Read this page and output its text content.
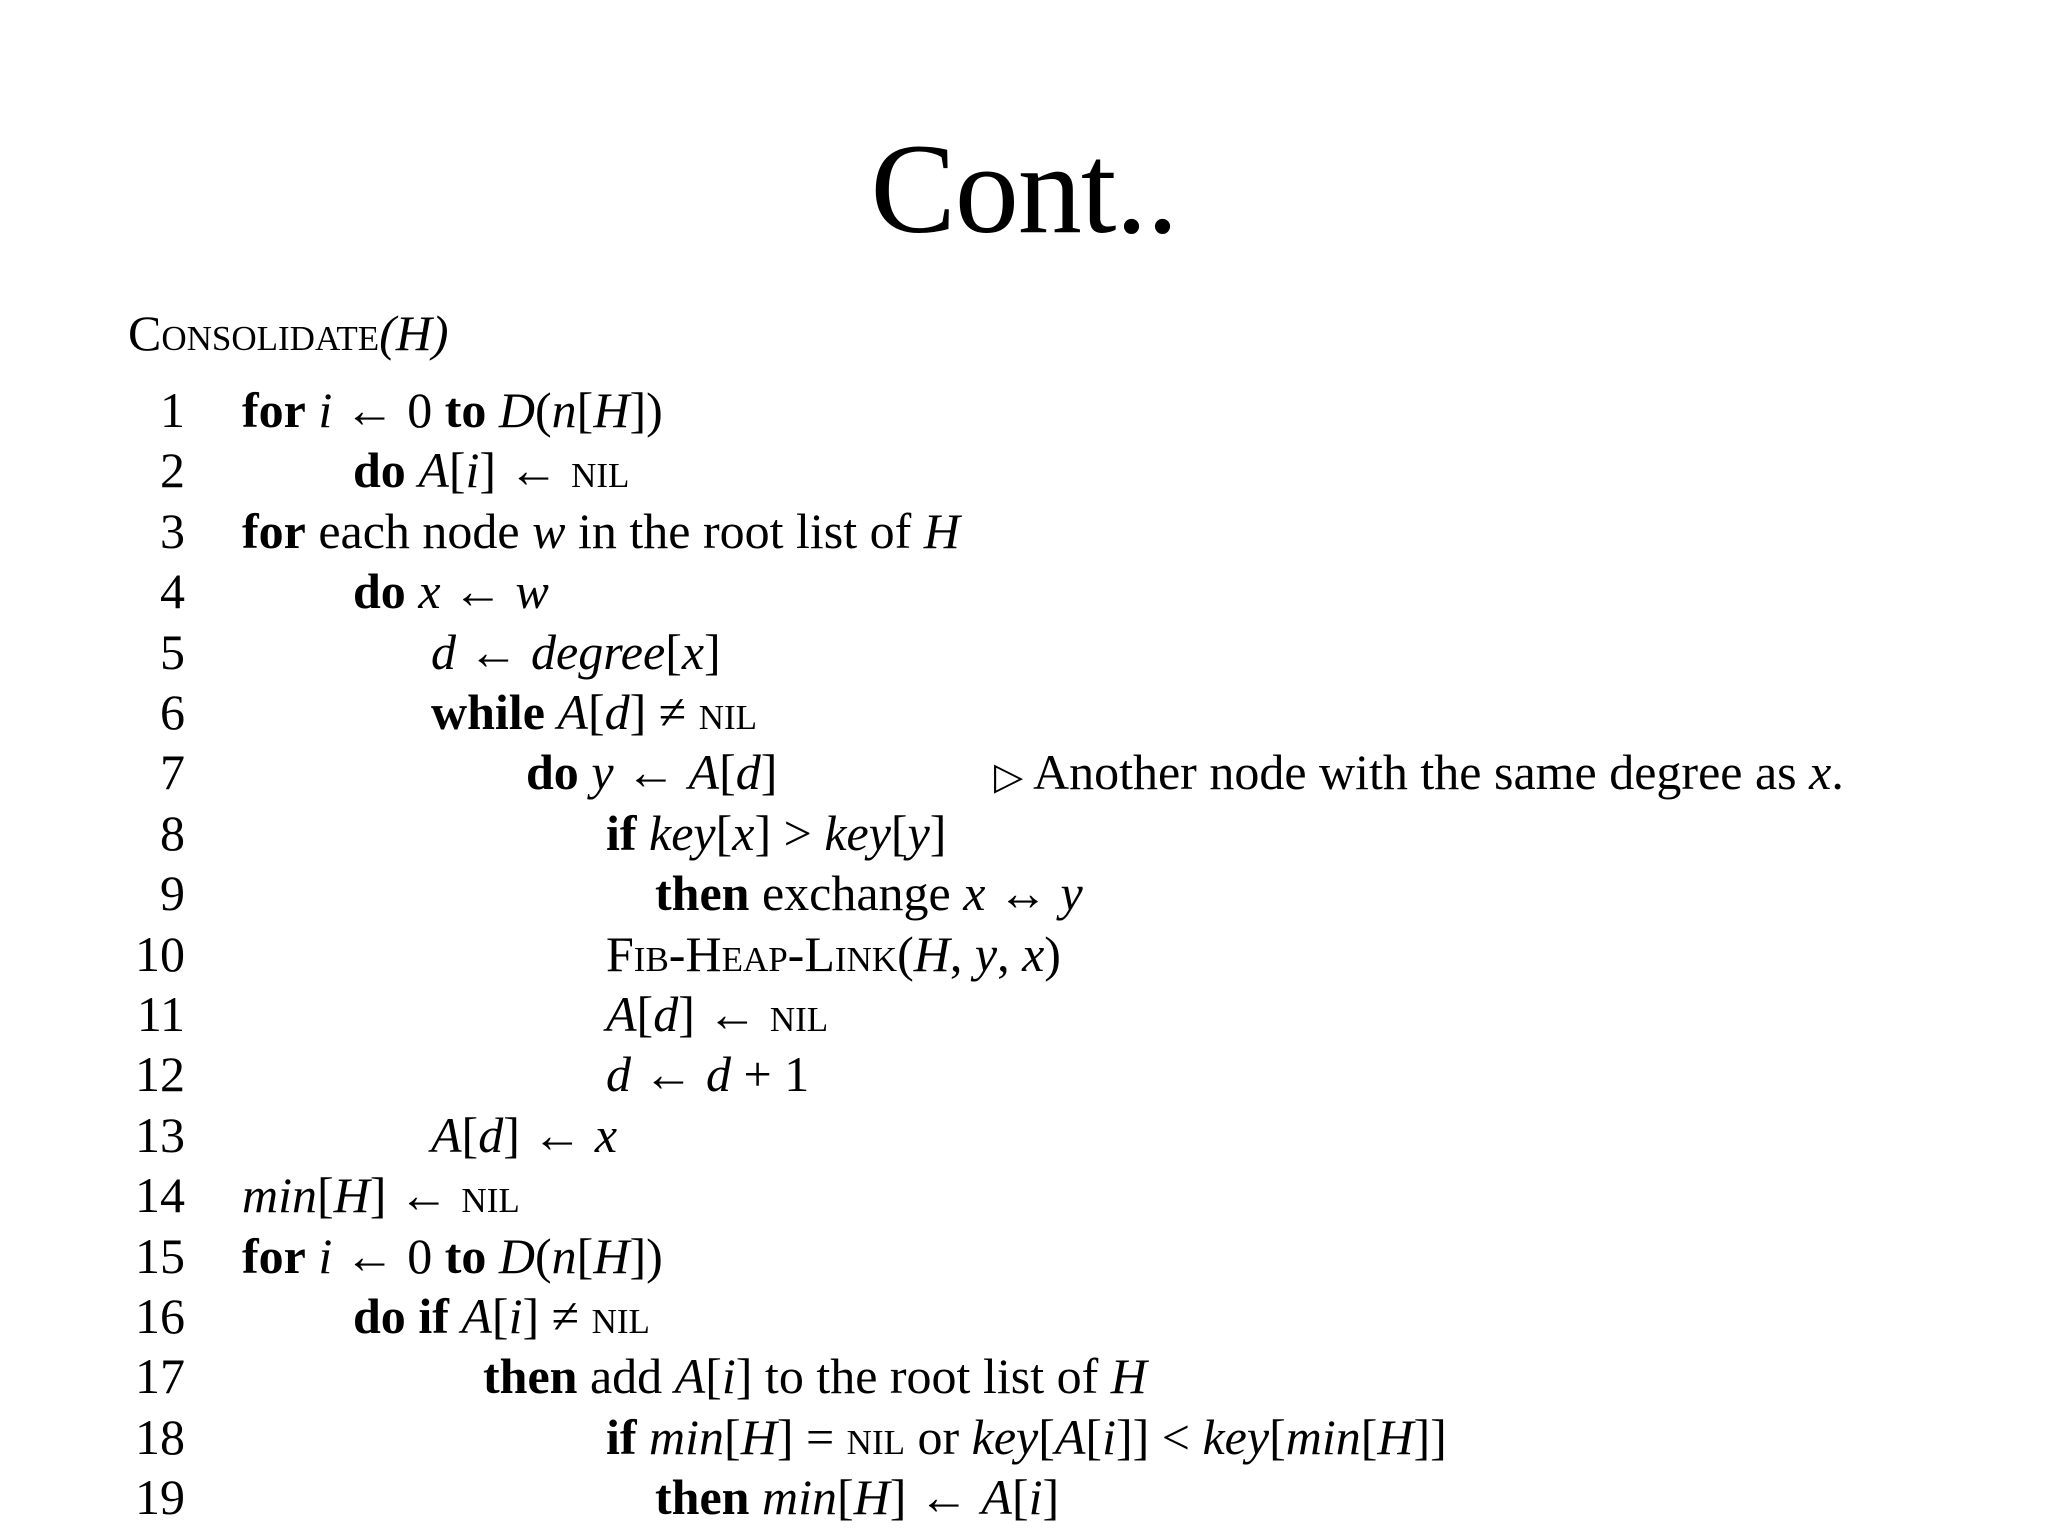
Cont..
Consolidate(H)
1 for i ← 0 to D(n[H])
2	do A[i] ← nil
3 for each node w in the root list of H
4	do x ← w
5	d ← degree[x]
6	while A[d] ≠ nil
7	do y ← A[d]	▷ Another node with the same degree as x.
8	if key[x] > key[y]
9	then exchange x ↔ y
10	Fib-Heap-Link(H, y, x)
11	A[d] ← nil
12	d ← d + 1
13	A[d] ← x
14 min[H] ← nil
15 for i ← 0 to D(n[H])
16	do if A[i] ≠ nil
17	then add A[i] to the root list of H
18	if min[H] = nil or key[A[i]] < key[min[H]]
19	then min[H] ← A[i]
